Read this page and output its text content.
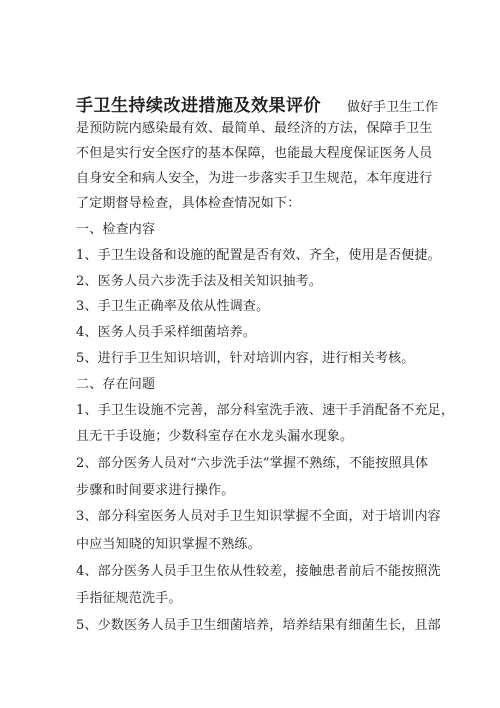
手卫生持续改进措施及效果评价 做好手卫生工作
是预防院内感染最有效、最简单、最经济的方法，保障手卫生
不但是实行安全医疗的基本保障，也能最大程度保证医务人员
自身安全和病人安全，为进一步落实手卫生规范，本年度进行
了定期督导检查，具体检查情况如下：
一、检查内容
1、手卫生设备和设施的配置是否有效、齐全，使用是否便捷。
2、医务人员六步洗手法及相关知识抽考。
3、手卫生正确率及依从性调查。
4、医务人员手采样细菌培养。
5、进行手卫生知识培训，针对培训内容，进行相关考核。
二、存在问题
1、手卫生设施不完善，部分科室洗手液、速干手消配备不充足，
且无干手设施；少数科室存在水龙头漏水现象。
2、部分医务人员对“六步洗手法”掌握不熟练，不能按照具体
步骤和时间要求进行操作。
3、部分科室医务人员对手卫生知识掌握不全面，对于培训内容
中应当知晓的知识掌握不熟练。
4、部分医务人员手卫生依从性较差，接触患者前后不能按照洗
手指征规范洗手。
5、少数医务人员手卫生细菌培养，培养结果有细菌生长，且部
